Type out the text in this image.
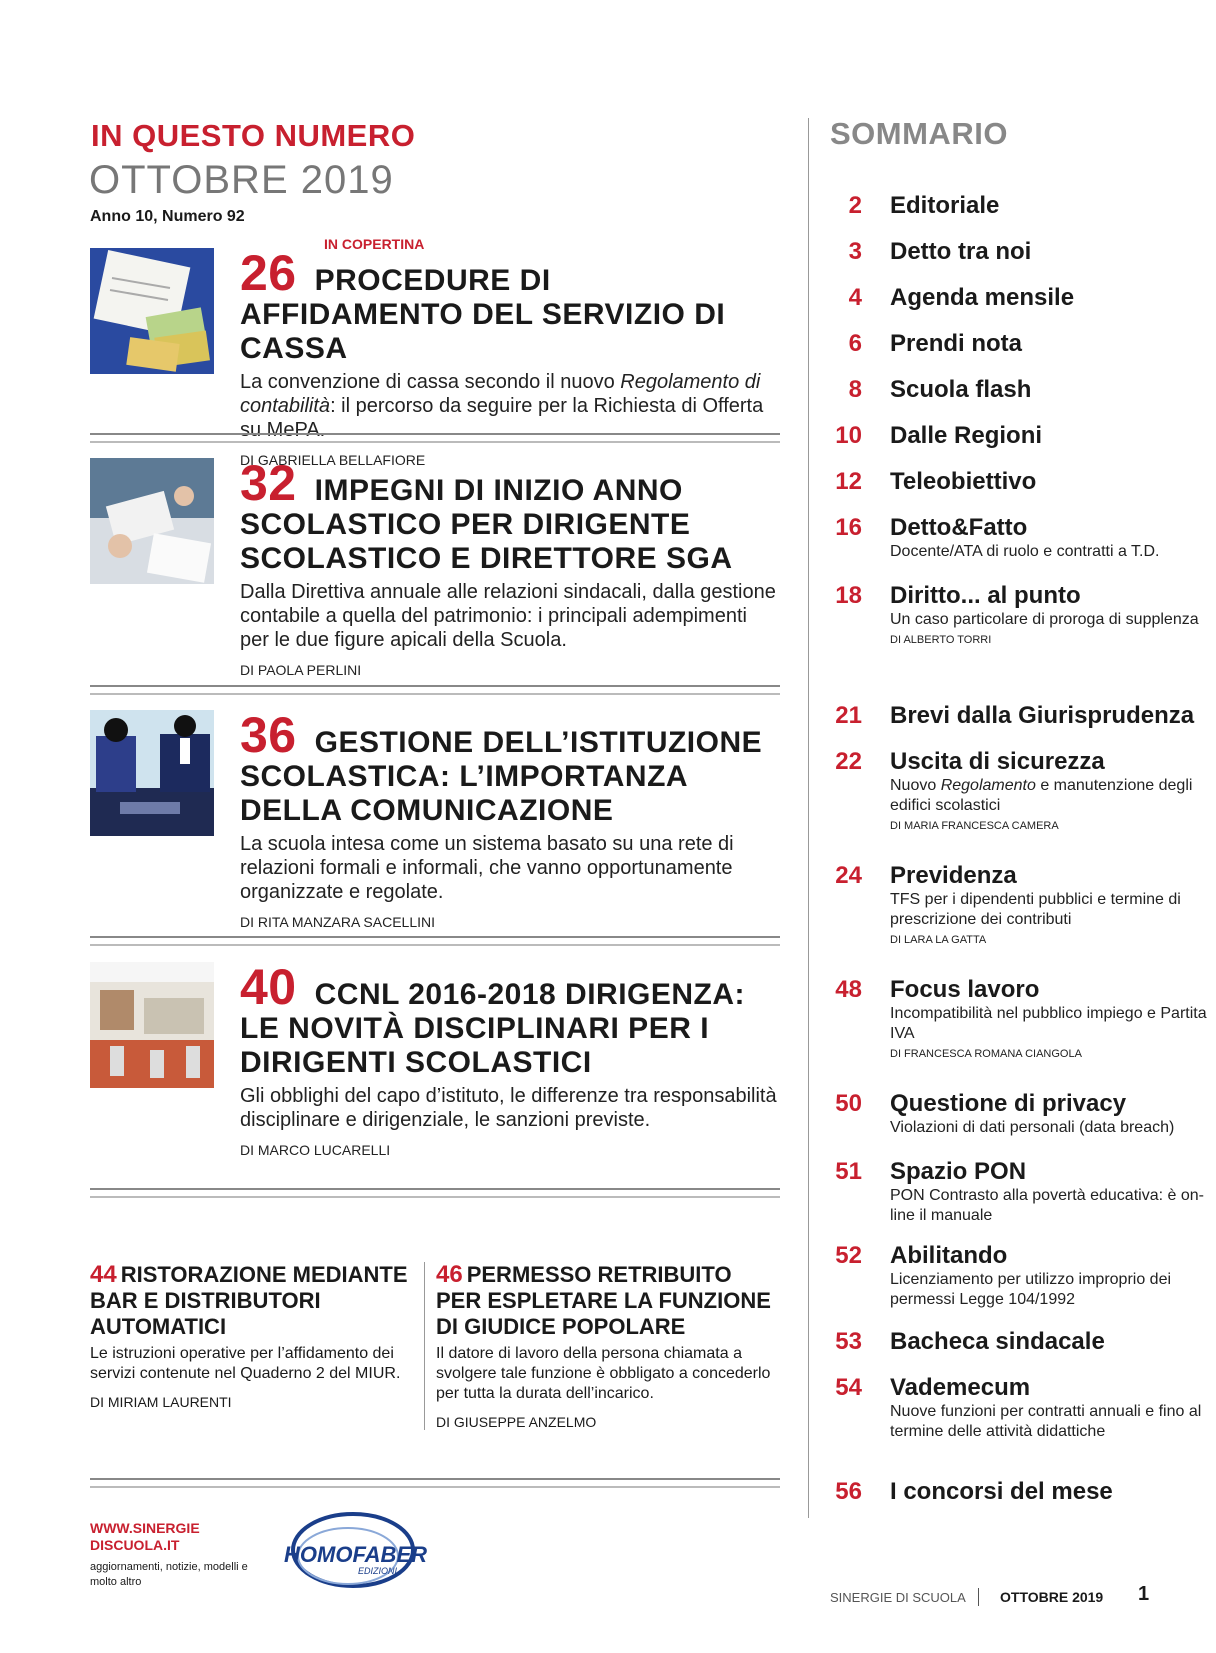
IN QUESTO NUMERO
OTTOBRE 2019
Anno 10, Numero 92
IN COPERTINA
26 PROCEDURE DI AFFIDAMENTO DEL SERVIZIO DI CASSA
La convenzione di cassa secondo il nuovo Regolamento di contabilità: il percorso da seguire per la Richiesta di Offerta su MePA.
DI GABRIELLA BELLAFIORE
32 IMPEGNI DI INIZIO ANNO SCOLASTICO PER DIRIGENTE SCOLASTICO E DIRETTORE SGA
Dalla Direttiva annuale alle relazioni sindacali, dalla gestione contabile a quella del patrimonio: i principali adempimenti per le due figure apicali della Scuola.
DI PAOLA PERLINI
36 GESTIONE DELL’ISTITUZIONE SCOLASTICA: L’IMPORTANZA DELLA COMUNICAZIONE
La scuola intesa come un sistema basato su una rete di relazioni formali e informali, che vanno opportunamente organizzate e regolate.
DI RITA MANZARA SACELLINI
40 CCNL 2016-2018 DIRIGENZA: LE NOVITÀ DISCIPLINARI PER I DIRIGENTI SCOLASTICI
Gli obblighi del capo d’istituto, le differenze tra responsabilità disciplinare e dirigenziale, le sanzioni previste.
DI MARCO LUCARELLI
44 RISTORAZIONE MEDIANTE BAR E DISTRIBUTORI AUTOMATICI
Le istruzioni operative per l’affidamento dei servizi contenute nel Quaderno 2 del MIUR.
DI MIRIAM LAURENTI
46 PERMESSO RETRIBUITO PER ESPLETARE LA FUNZIONE DI GIUDICE POPOLARE
Il datore di lavoro della persona chiamata a svolgere tale funzione è obbligato a concederlo per tutta la durata dell’incarico.
DI GIUSEPPE ANZELMO
SOMMARIO
2 Editoriale
3 Detto tra noi
4 Agenda mensile
6 Prendi nota
8 Scuola flash
10 Dalle Regioni
12 Teleobiettivo
16 Detto&Fatto
Docente/ATA di ruolo e contratti a T.D.
18 Diritto... al punto
Un caso particolare di proroga di supplenza
DI ALBERTO TORRI
21 Brevi dalla Giurisprudenza
22 Uscita di sicurezza
Nuovo Regolamento e manutenzione degli edifici scolastici
DI MARIA FRANCESCA CAMERA
24 Previdenza
TFS per i dipendenti pubblici e termine di prescrizione dei contributi
DI LARA LA GATTA
48 Focus lavoro
Incompatibilità nel pubblico impiego e Partita IVA
DI FRANCESCA ROMANA CIANGOLA
50 Questione di privacy
Violazioni di dati personali (data breach)
51 Spazio PON
PON Contrasto alla povertà educativa: è on-line il manuale
52 Abilitando
Licenziamento per utilizzo improprio dei permessi Legge 104/1992
53 Bacheca sindacale
54 Vademecum
Nuove funzioni per contratti annuali e fino al termine delle attività didattiche
56 I concorsi del mese
WWW.SINERGIE
DISCUOLA.IT
aggiornamenti, notizie, modelli e molto altro
HOMOFABER
EDIZIONI
SINERGIE DI SCUOLA OTTOBRE 2019 1
